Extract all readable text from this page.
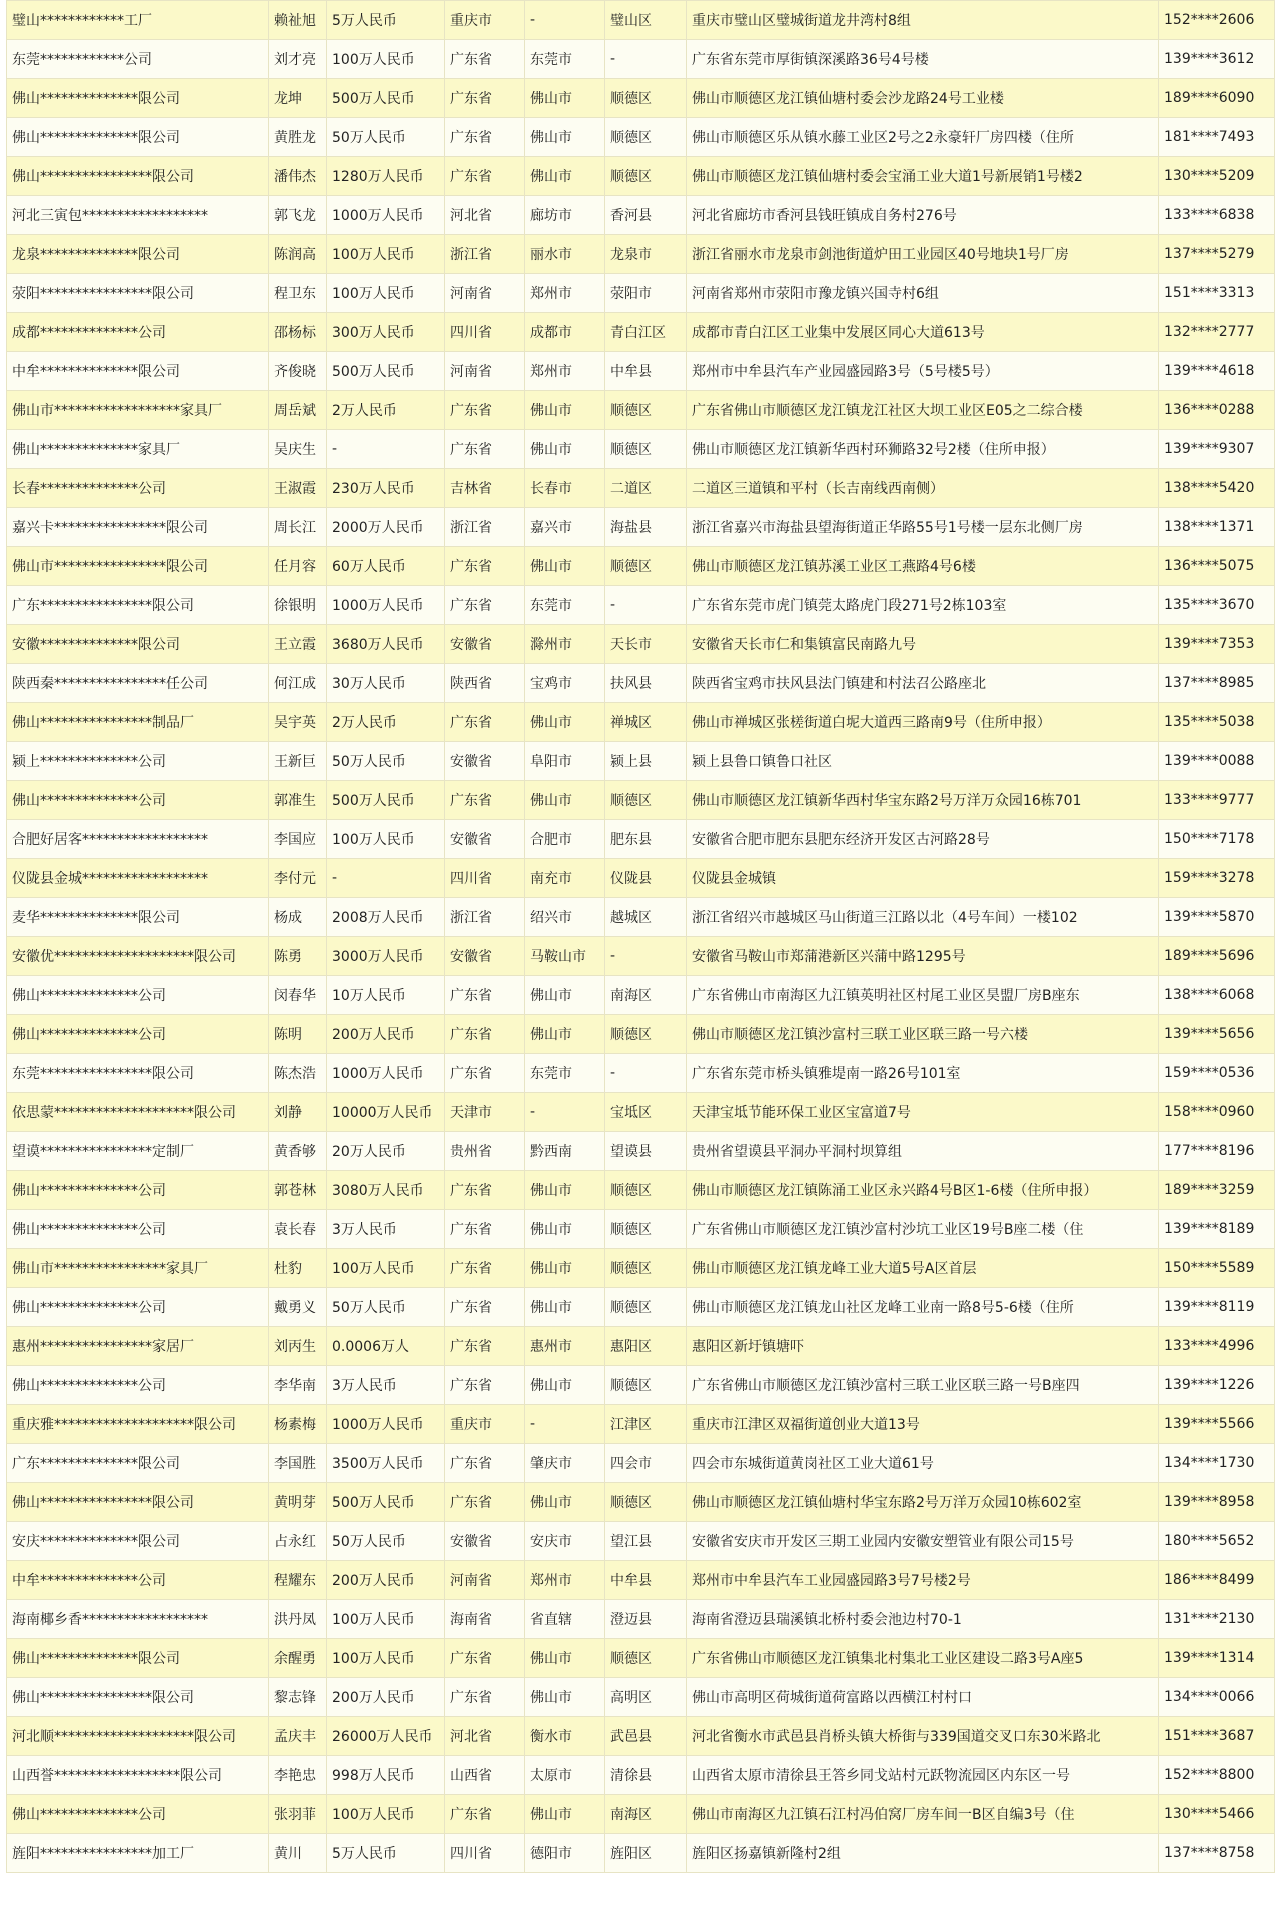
璧山************工厂	赖祉旭	5万人民币	重庆市	-	璧山区	重庆市璧山区璧城街道龙井湾村8组	152****2606
东莞************公司	刘才亮	100万人民币	广东省	东莞市	-	广东省东莞市厚街镇深溪路36号4号楼	139****3612
佛山**************限公司	龙坤	500万人民币	广东省	佛山市	顺德区	佛山市顺德区龙江镇仙塘村委会沙龙路24号工业楼	189****6090
佛山**************限公司	黄胜龙	50万人民币	广东省	佛山市	顺德区	佛山市顺德区乐从镇水藤工业区2号之2永豪轩厂房四楼（住所	181****7493
佛山****************限公司	潘伟杰	1280万人民币	广东省	佛山市	顺德区	佛山市顺德区龙江镇仙塘村委会宝涌工业大道1号新展销1号楼2	130****5209
河北三寅包******************	郭飞龙	1000万人民币	河北省	廊坊市	香河县	河北省廊坊市香河县钱旺镇成自务村276号	133****6838
龙泉**************限公司	陈润高	100万人民币	浙江省	丽水市	龙泉市	浙江省丽水市龙泉市剑池街道炉田工业园区40号地块1号厂房	137****5279
荥阳****************限公司	程卫东	100万人民币	河南省	郑州市	荥阳市	河南省郑州市荥阳市豫龙镇兴国寺村6组	151****3313
成都**************公司	邵杨标	300万人民币	四川省	成都市	青白江区	成都市青白江区工业集中发展区同心大道613号	132****2777
中牟**************限公司	齐俊晓	500万人民币	河南省	郑州市	中牟县	郑州市中牟县汽车产业园盛园路3号（5号楼5号）	139****4618
佛山市******************家具厂	周岳斌	2万人民币	广东省	佛山市	顺德区	广东省佛山市顺德区龙江镇龙江社区大坝工业区E05之二综合楼	136****0288
佛山**************家具厂	吴庆生	-	广东省	佛山市	顺德区	佛山市顺德区龙江镇新华西村环狮路32号2楼（住所申报）	139****9307
长春**************公司	王淑霞	230万人民币	吉林省	长春市	二道区	二道区三道镇和平村（长吉南线西南侧）	138****5420
嘉兴卡****************限公司	周长江	2000万人民币	浙江省	嘉兴市	海盐县	浙江省嘉兴市海盐县望海街道正华路55号1号楼一层东北侧厂房	138****1371
佛山市****************限公司	任月容	60万人民币	广东省	佛山市	顺德区	佛山市顺德区龙江镇苏溪工业区工燕路4号6楼	136****5075
广东****************限公司	徐银明	1000万人民币	广东省	东莞市	-	广东省东莞市虎门镇莞太路虎门段271号2栋103室	135****3670
安徽**************限公司	王立霞	3680万人民币	安徽省	滁州市	天长市	安徽省天长市仁和集镇富民南路九号	139****7353
陕西秦****************任公司	何江成	30万人民币	陕西省	宝鸡市	扶风县	陕西省宝鸡市扶风县法门镇建和村法召公路座北	137****8985
佛山****************制品厂	吴宇英	2万人民币	广东省	佛山市	禅城区	佛山市禅城区张槎街道白坭大道西三路南9号（住所申报）	135****5038
颍上**************公司	王新巨	50万人民币	安徽省	阜阳市	颍上县	颍上县鲁口镇鲁口社区	139****0088
佛山**************公司	郭准生	500万人民币	广东省	佛山市	顺德区	佛山市顺德区龙江镇新华西村华宝东路2号万洋万众园16栋701	133****9777
合肥好居客******************	李国应	100万人民币	安徽省	合肥市	肥东县	安徽省合肥市肥东县肥东经济开发区古河路28号	150****7178
仪陇县金城******************	李付元	-	四川省	南充市	仪陇县	仪陇县金城镇	159****3278
麦华**************限公司	杨成	2008万人民币	浙江省	绍兴市	越城区	浙江省绍兴市越城区马山街道三江路以北（4号车间）一楼102	139****5870
安徽优********************限公司	陈勇	3000万人民币	安徽省	马鞍山市	-	安徽省马鞍山市郑蒲港新区兴蒲中路1295号	189****5696
佛山**************公司	闵春华	10万人民币	广东省	佛山市	南海区	广东省佛山市南海区九江镇英明社区村尾工业区昊盟厂房B座东	138****6068
佛山**************公司	陈明	200万人民币	广东省	佛山市	顺德区	佛山市顺德区龙江镇沙富村三联工业区联三路一号六楼	139****5656
东莞****************限公司	陈杰浩	1000万人民币	广东省	东莞市	-	广东省东莞市桥头镇雅堤南一路26号101室	159****0536
依思蒙********************限公司	刘静	10000万人民币	天津市	-	宝坻区	天津宝坻节能环保工业区宝富道7号	158****0960
望谟****************定制厂	黄香够	20万人民币	贵州省	黔西南	望谟县	贵州省望谟县平洞办平洞村坝算组	177****8196
佛山**************公司	郭苍林	3080万人民币	广东省	佛山市	顺德区	佛山市顺德区龙江镇陈涌工业区永兴路4号B区1-6楼（住所申报）	189****3259
佛山**************公司	袁长春	3万人民币	广东省	佛山市	顺德区	广东省佛山市顺德区龙江镇沙富村沙坑工业区19号B座二楼（住	139****8189
佛山市****************家具厂	杜豹	100万人民币	广东省	佛山市	顺德区	佛山市顺德区龙江镇龙峰工业大道5号A区首层	150****5589
佛山**************公司	戴勇义	50万人民币	广东省	佛山市	顺德区	佛山市顺德区龙江镇龙山社区龙峰工业南一路8号5-6楼（住所	139****8119
惠州****************家居厂	刘丙生	0.0006万人	广东省	惠州市	惠阳区	惠阳区新圩镇塘吓	133****4996
佛山**************公司	李华南	3万人民币	广东省	佛山市	顺德区	广东省佛山市顺德区龙江镇沙富村三联工业区联三路一号B座四	139****1226
重庆雅********************限公司	杨素梅	1000万人民币	重庆市	-	江津区	重庆市江津区双福街道创业大道13号	139****5566
广东**************限公司	李国胜	3500万人民币	广东省	肇庆市	四会市	四会市东城街道黄岗社区工业大道61号	134****1730
佛山****************限公司	黄明芽	500万人民币	广东省	佛山市	顺德区	佛山市顺德区龙江镇仙塘村华宝东路2号万洋万众园10栋602室	139****8958
安庆**************限公司	占永红	50万人民币	安徽省	安庆市	望江县	安徽省安庆市开发区三期工业园内安徽安塑管业有限公司15号	180****5652
中牟**************公司	程耀东	200万人民币	河南省	郑州市	中牟县	郑州市中牟县汽车工业园盛园路3号7号楼2号	186****8499
海南椰乡香******************	洪丹凤	100万人民币	海南省	省直辖	澄迈县	海南省澄迈县瑞溪镇北桥村委会池边村70-1	131****2130
佛山**************限公司	余醒勇	100万人民币	广东省	佛山市	顺德区	广东省佛山市顺德区龙江镇集北村集北工业区建设二路3号A座5	139****1314
佛山****************限公司	黎志锋	200万人民币	广东省	佛山市	高明区	佛山市高明区荷城街道荷富路以西横江村村口	134****0066
河北顺********************限公司	孟庆丰	26000万人民币	河北省	衡水市	武邑县	河北省衡水市武邑县肖桥头镇大桥街与339国道交叉口东30米路北	151****3687
山西誉******************限公司	李艳忠	998万人民币	山西省	太原市	清徐县	山西省太原市清徐县王答乡同戈站村元跃物流园区内东区一号	152****8800
佛山**************公司	张羽菲	100万人民币	广东省	佛山市	南海区	佛山市南海区九江镇石江村冯伯窝厂房车间一B区自编3号（住	130****5466
旌阳****************加工厂	黄川	5万人民币	四川省	德阳市	旌阳区	旌阳区扬嘉镇新隆村2组	137****8758
